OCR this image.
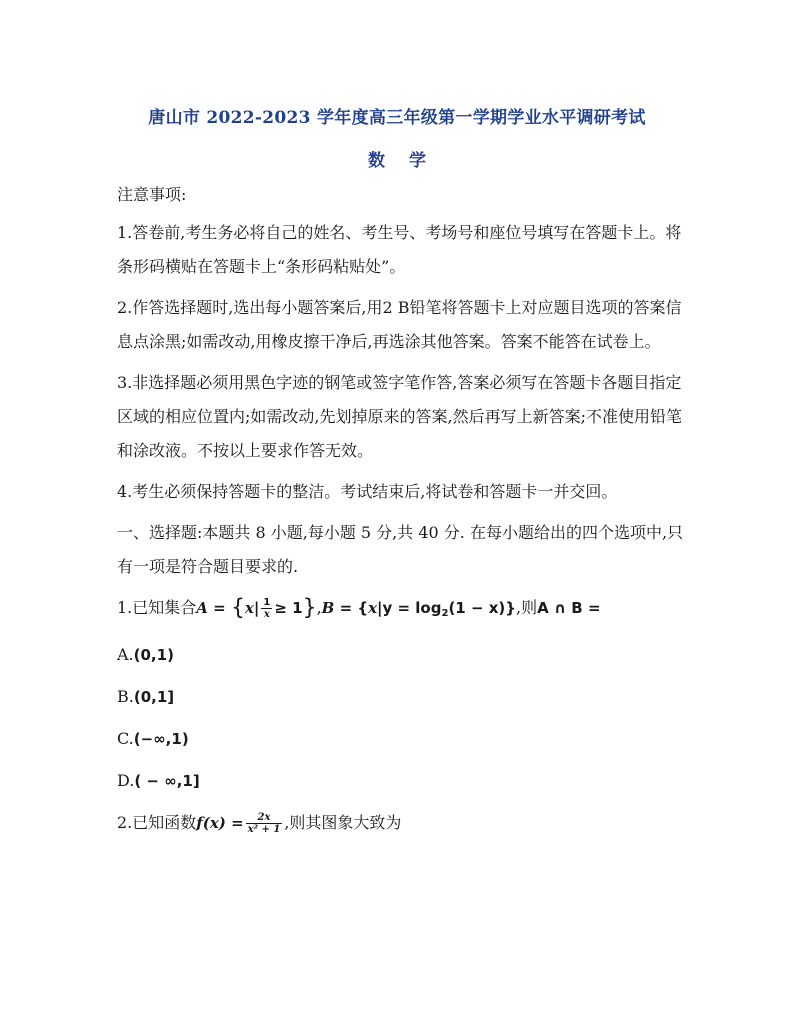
唐山市 2022-2023 学年度高三年级第一学期学业水平调研考试
数学

注意事项:

1.答卷前,考生务必将自己的姓名、考生号、考场号和座位号填写在答题卡上。将条形码横贴在答题卡上“条形码粘贴处”。

2.作答选择题时,选出每小题答案后,用2 B铅笔将答题卡上对应题目选项的答案信息点涂黑;如需改动,用橡皮擦干净后,再选涂其他答案。答案不能答在试卷上。

3.非选择题必须用黑色字迹的钢笔或签字笔作答,答案必须写在答题卡各题目指定区域的相应位置内;如需改动,先划掉原来的答案,然后再写上新答案;不准使用铅笔和涂改液。不按以上要求作答无效。

4.考生必须保持答题卡的整洁。考试结束后,将试卷和答题卡一并交回。

一、选择题:本题共 8 小题,每小题 5 分,共 40 分. 在每小题给出的四个选项中,只有一项是符合题目要求的.

1.已知集合$A = \{x| \frac{1}{x} \ge 1\},B = \{x|y = \log_2(1 - x)\}$,则A ∩ B =

A.(0,1)

B.(0,1]

C.(−∞,1)

D.( − ∞,1]

2.已知函数$f(x) = \frac{2x}{\text{x² + 1}}$ ,则其图象大致为
